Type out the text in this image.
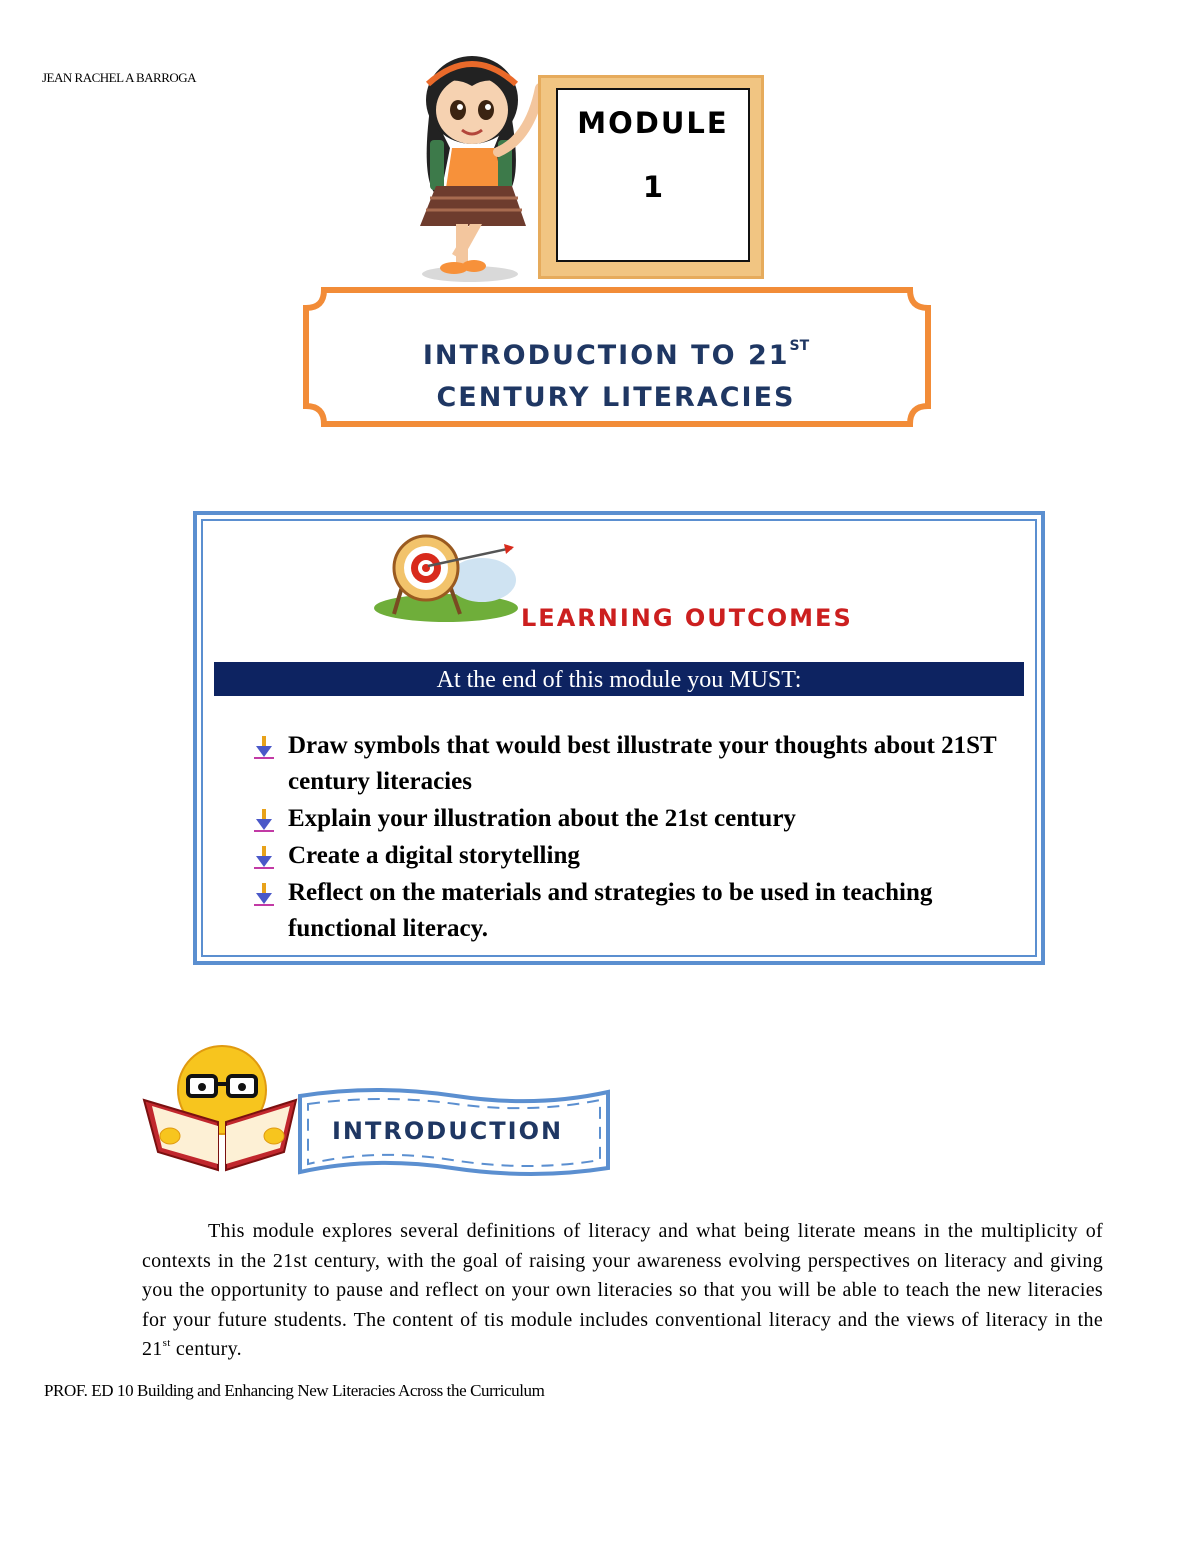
JEAN RACHEL A BARROGA
MODULE
1
INTRODUCTION TO 21ST
CENTURY LITERACIES
LEARNING OUTCOMES
At the end of this module you MUST:
Draw symbols that would best illustrate your thoughts about 21ST century literacies
Explain your illustration about the 21st century
Create a digital storytelling
Reflect on the materials and strategies to be used in teaching functional literacy.
INTRODUCTION

This module explores several definitions of literacy and what being literate means in the multiplicity of contexts in the 21st century, with the goal of raising your awareness evolving perspectives on literacy and giving you the opportunity to pause and reflect on your own literacies so that you will be able to teach the new literacies for your future students. The content of tis module includes conventional literacy and the views of literacy in the 21st century.

PROF. ED 10 Building and Enhancing New Literacies Across the Curriculum
